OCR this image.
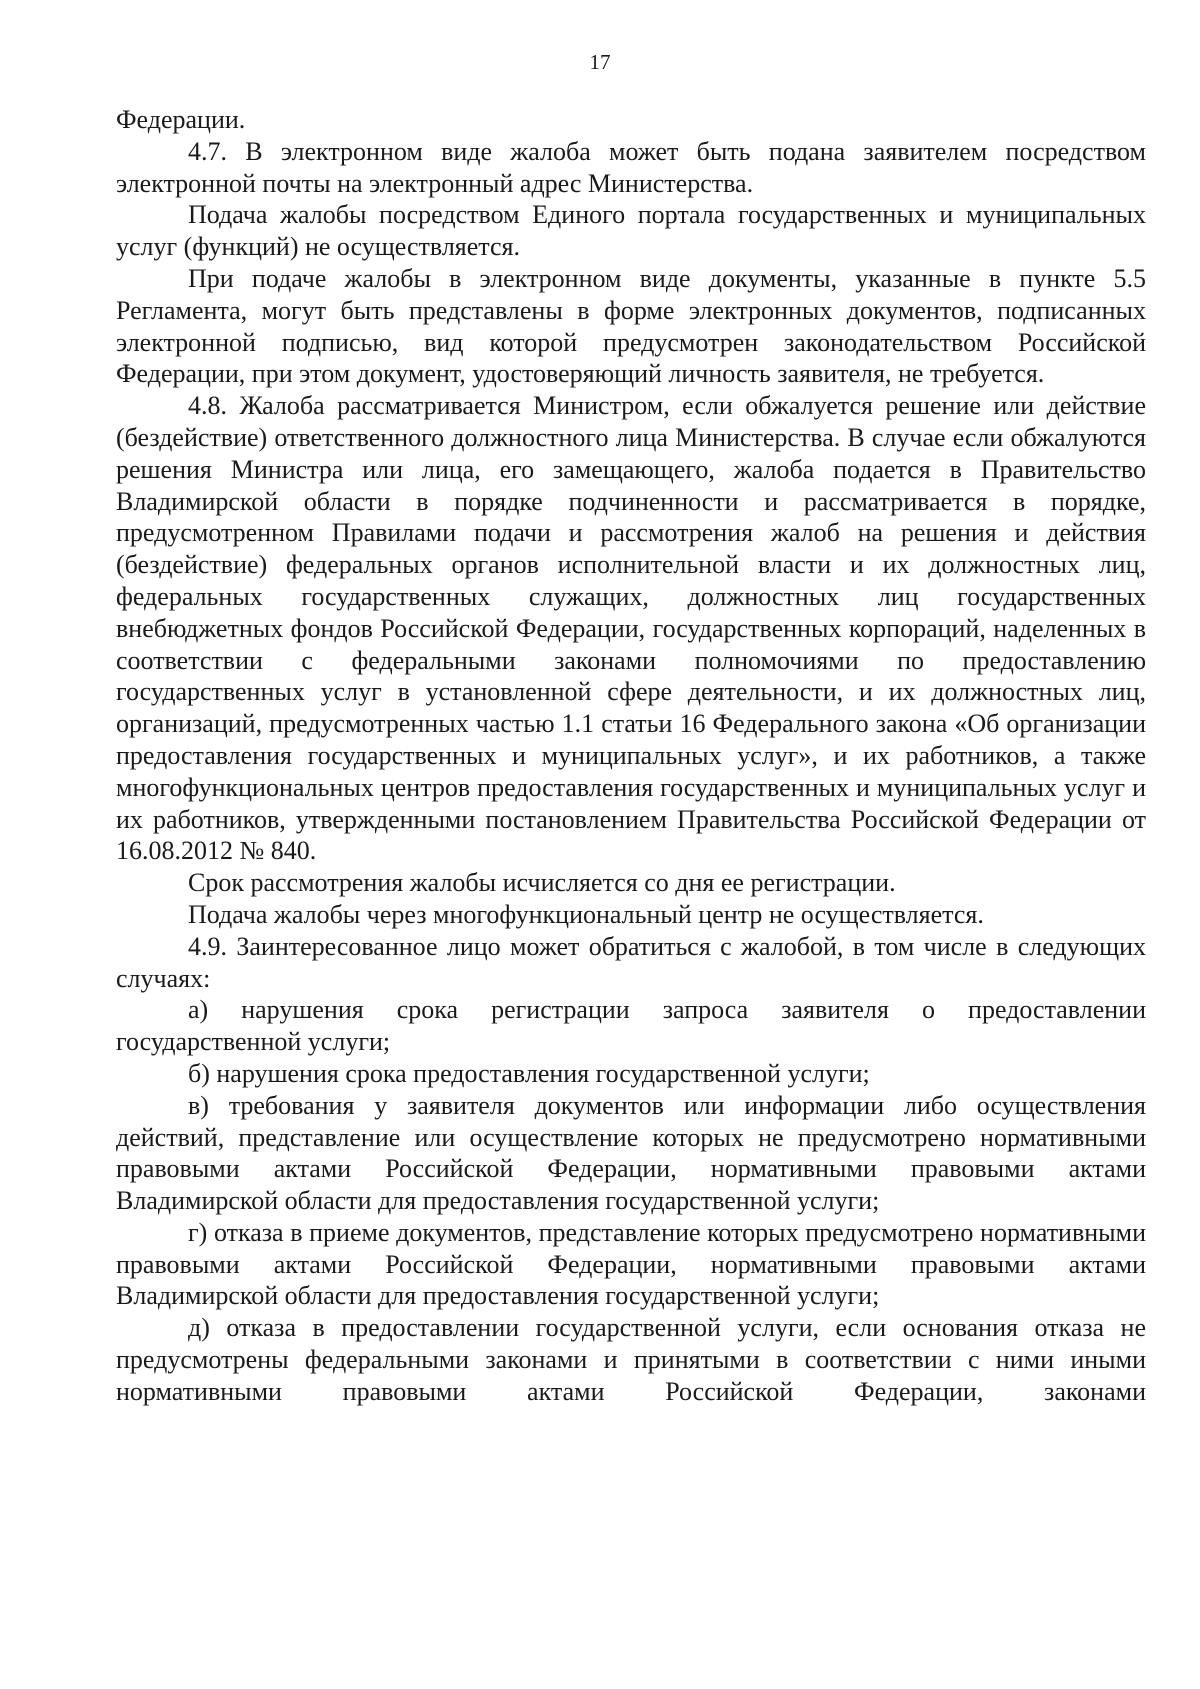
17

Федерации.

4.7. В электронном виде жалоба может быть подана заявителем посредством электронной почты на электронный адрес Министерства.

Подача жалобы посредством Единого портала государственных и муниципальных услуг (функций) не осуществляется.

При подаче жалобы в электронном виде документы, указанные в пункте 5.5 Регламента, могут быть представлены в форме электронных документов, подписанных электронной подписью, вид которой предусмотрен законодательством Российской Федерации, при этом документ, удостоверяющий личность заявителя, не требуется.

4.8. Жалоба рассматривается Министром, если обжалуется решение или действие (бездействие) ответственного должностного лица Министерства. В случае если обжалуются решения Министра или лица, его замещающего, жалоба подается в Правительство Владимирской области в порядке подчиненности и рассматривается в порядке, предусмотренном Правилами подачи и рассмотрения жалоб на решения и действия (бездействие) федеральных органов исполнительной власти и их должностных лиц, федеральных государственных служащих, должностных лиц государственных внебюджетных фондов Российской Федерации, государственных корпораций, наделенных в соответствии с федеральными законами полномочиями по предоставлению государственных услуг в установленной сфере деятельности, и их должностных лиц, организаций, предусмотренных частью 1.1 статьи 16 Федерального закона «Об организации предоставления государственных и муниципальных услуг», и их работников, а также многофункциональных центров предоставления государственных и муниципальных услуг и их работников, утвержденными постановлением Правительства Российской Федерации от 16.08.2012 № 840.

Срок рассмотрения жалобы исчисляется со дня ее регистрации.

Подача жалобы через многофункциональный центр не осуществляется.

4.9. Заинтересованное лицо может обратиться с жалобой, в том числе в следующих случаях:

а) нарушения срока регистрации запроса заявителя о предоставлении государственной услуги;

б) нарушения срока предоставления государственной услуги;

в) требования у заявителя документов или информации либо осуществления действий, представление или осуществление которых не предусмотрено нормативными правовыми актами Российской Федерации, нормативными правовыми актами Владимирской области для предоставления государственной услуги;

г) отказа в приеме документов, представление которых предусмотрено нормативными правовыми актами Российской Федерации, нормативными правовыми актами Владимирской области для предоставления государственной услуги;

д) отказа в предоставлении государственной услуги, если основания отказа не предусмотрены федеральными законами и принятыми в соответствии с ними иными нормативными правовыми актами Российской Федерации, законами
